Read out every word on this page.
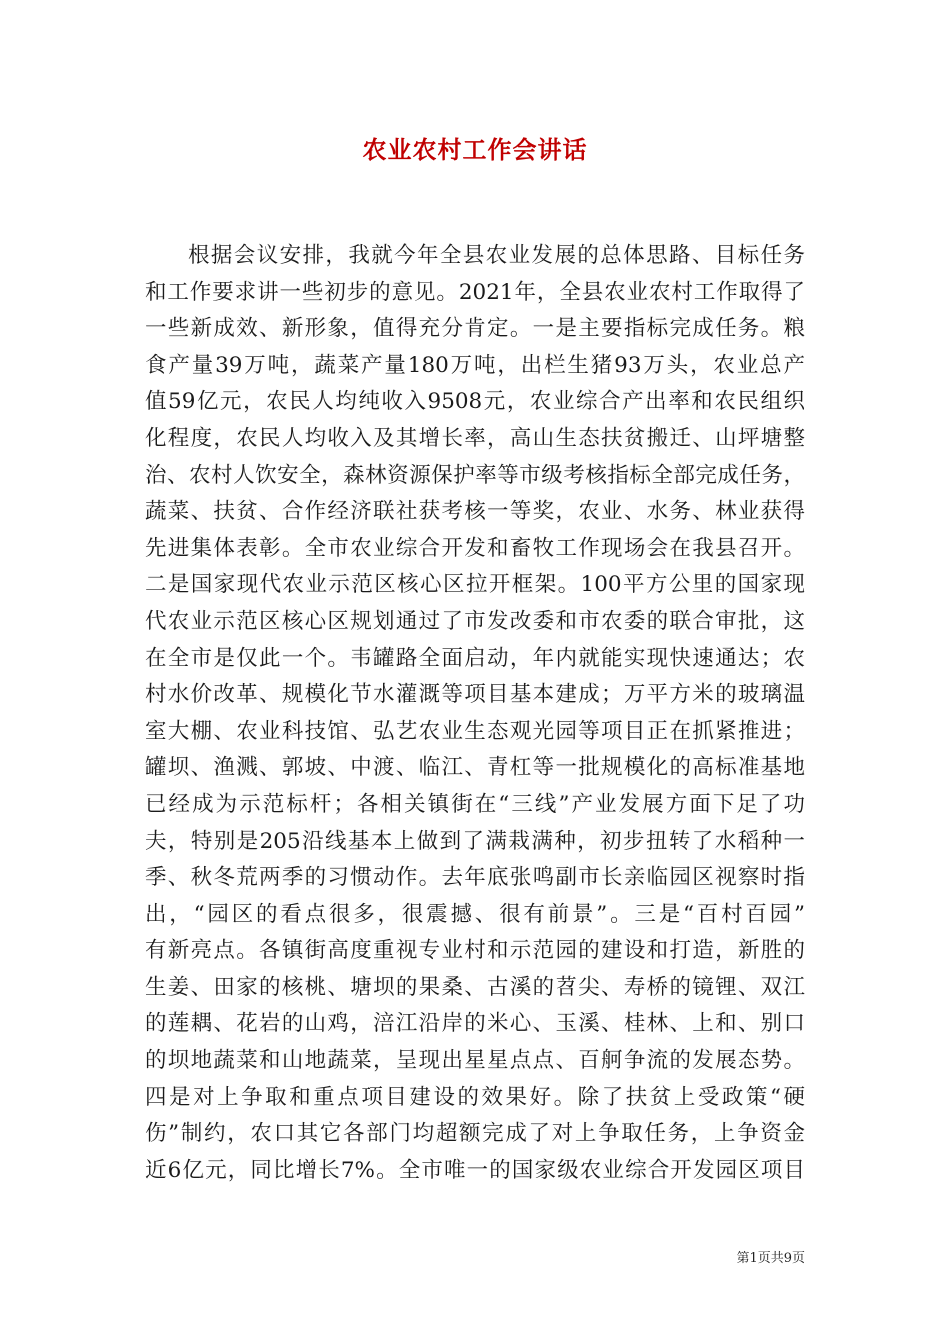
农业农村工作会讲话
根据会议安排，我就今年全县农业发展的总体思路、目标任务
和工作要求讲一些初步的意见。2021年，全县农业农村工作取得了
一些新成效、新形象，值得充分肯定。一是主要指标完成任务。粮
食产量39万吨，蔬菜产量180万吨，出栏生猪93万头，农业总产
值59亿元，农民人均纯收入9508元，农业综合产出率和农民组织
化程度，农民人均收入及其增长率，高山生态扶贫搬迁、山坪塘整
治、农村人饮安全，森林资源保护率等市级考核指标全部完成任务，
蔬菜、扶贫、合作经济联社获考核一等奖，农业、水务、林业获得
先进集体表彰。全市农业综合开发和畜牧工作现场会在我县召开。
二是国家现代农业示范区核心区拉开框架。100平方公里的国家现
代农业示范区核心区规划通过了市发改委和市农委的联合审批，这
在全市是仅此一个。韦罐路全面启动，年内就能实现快速通达；农
村水价改革、规模化节水灌溉等项目基本建成；万平方米的玻璃温
室大棚、农业科技馆、弘艺农业生态观光园等项目正在抓紧推进；
罐坝、渔溅、郭坡、中渡、临江、青杠等一批规模化的高标准基地
已经成为示范标杆；各相关镇街在“三线”产业发展方面下足了功
夫，特别是205沿线基本上做到了满栽满种，初步扭转了水稻种一
季、秋冬荒两季的习惯动作。去年底张鸣副市长亲临园区视察时指
出，“园区的看点很多，很震撼、很有前景”。三是“百村百园”
有新亮点。各镇街高度重视专业村和示范园的建设和打造，新胜的
生姜、田家的核桃、塘坝的果桑、古溪的苕尖、寿桥的镜锂、双江
的莲耦、花岩的山鸡，涪江沿岸的米心、玉溪、桂林、上和、别口
的坝地蔬菜和山地蔬菜，呈现出星星点点、百舸争流的发展态势。
四是对上争取和重点项目建设的效果好。除了扶贫上受政策“硬
伤”制约，农口其它各部门均超额完成了对上争取任务，上争资金
近6亿元，同比增长7%。全市唯一的国家级农业综合开发园区项目
第1页共9页
